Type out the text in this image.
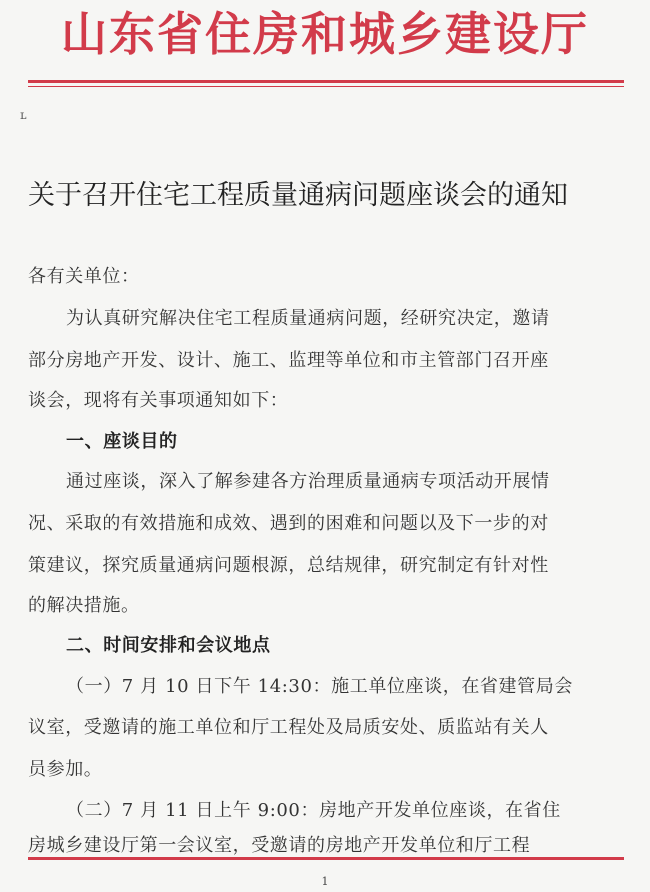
山东省住房和城乡建设厅
ʟ
关于召开住宅工程质量通病问题座谈会的通知
各有关单位：
为认真研究解决住宅工程质量通病问题，经研究决定，邀请
部分房地产开发、设计、施工、监理等单位和市主管部门召开座
谈会，现将有关事项通知如下：
一、座谈目的
通过座谈，深入了解参建各方治理质量通病专项活动开展情
况、采取的有效措施和成效、遇到的困难和问题以及下一步的对
策建议，探究质量通病问题根源，总结规律，研究制定有针对性
的解决措施。
二、时间安排和会议地点
（一）7 月 10 日下午 14:30：施工单位座谈，在省建管局会
议室，受邀请的施工单位和厅工程处及局质安处、质监站有关人
员参加。
（二）7 月 11 日上午 9:00：房地产开发单位座谈，在省住
房城乡建设厅第一会议室，受邀请的房地产开发单位和厅工程
1
